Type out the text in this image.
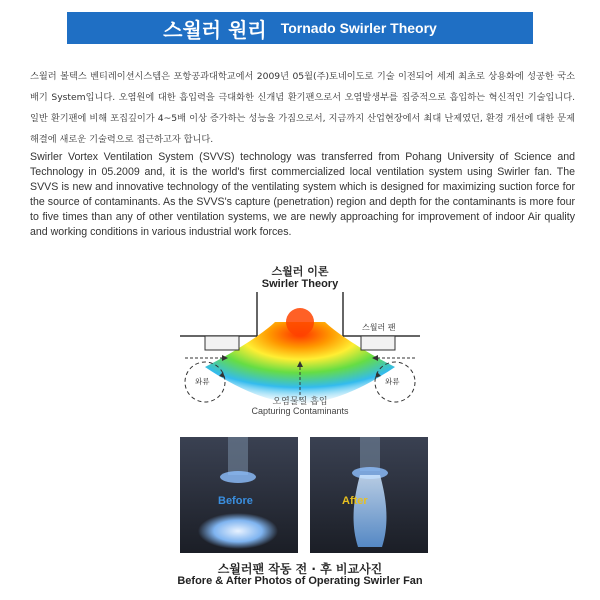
스월러 원리 Tornado Swirler Theory
스월러 볼텍스 벤티레이션시스템은 포항공과대학교에서 2009년 05월(주)토네이도로 기술 이전되어 세계 최초로 상용화에 성공한 국소배기 System입니다. 오염원에 대한 흡입력을 극대화한 신개념 환기팬으로서 오염발생부를 집중적으로 흡입하는 혁신적인 기술입니다. 일반 환기팬에 비해 포집깊이가 4~5배 이상 증가하는 성능을 가짐으로서, 지금까지 산업현장에서 최대 난제였던, 환경 개선에 대한 문제해결에 새로운 기술력으로 접근하고자 합니다.
Swirler Vortex Ventilation System (SVVS) technology was transferred from Pohang University of Science and Technology in 05.2009 and, it is the world's first commercialized local ventilation system using Swirler fan. The SVVS is new and innovative technology of the ventilating system which is designed for maximizing suction force for the source of contaminants. As the SVVS's capture (penetration) region and depth for the contaminants is more four to five times than any of other ventilation systems, we are newly approaching for improvement of indoor Air quality and working conditions in various industrial work forces.
스월러 이론
Swirler Theory
스월러 팬
와류	와류
오염물질 흡입
Capturing Contaminants
Before	After
스월러팬 작동 전 · 후 비교사진
Before & After Photos of Operating Swirler Fan
